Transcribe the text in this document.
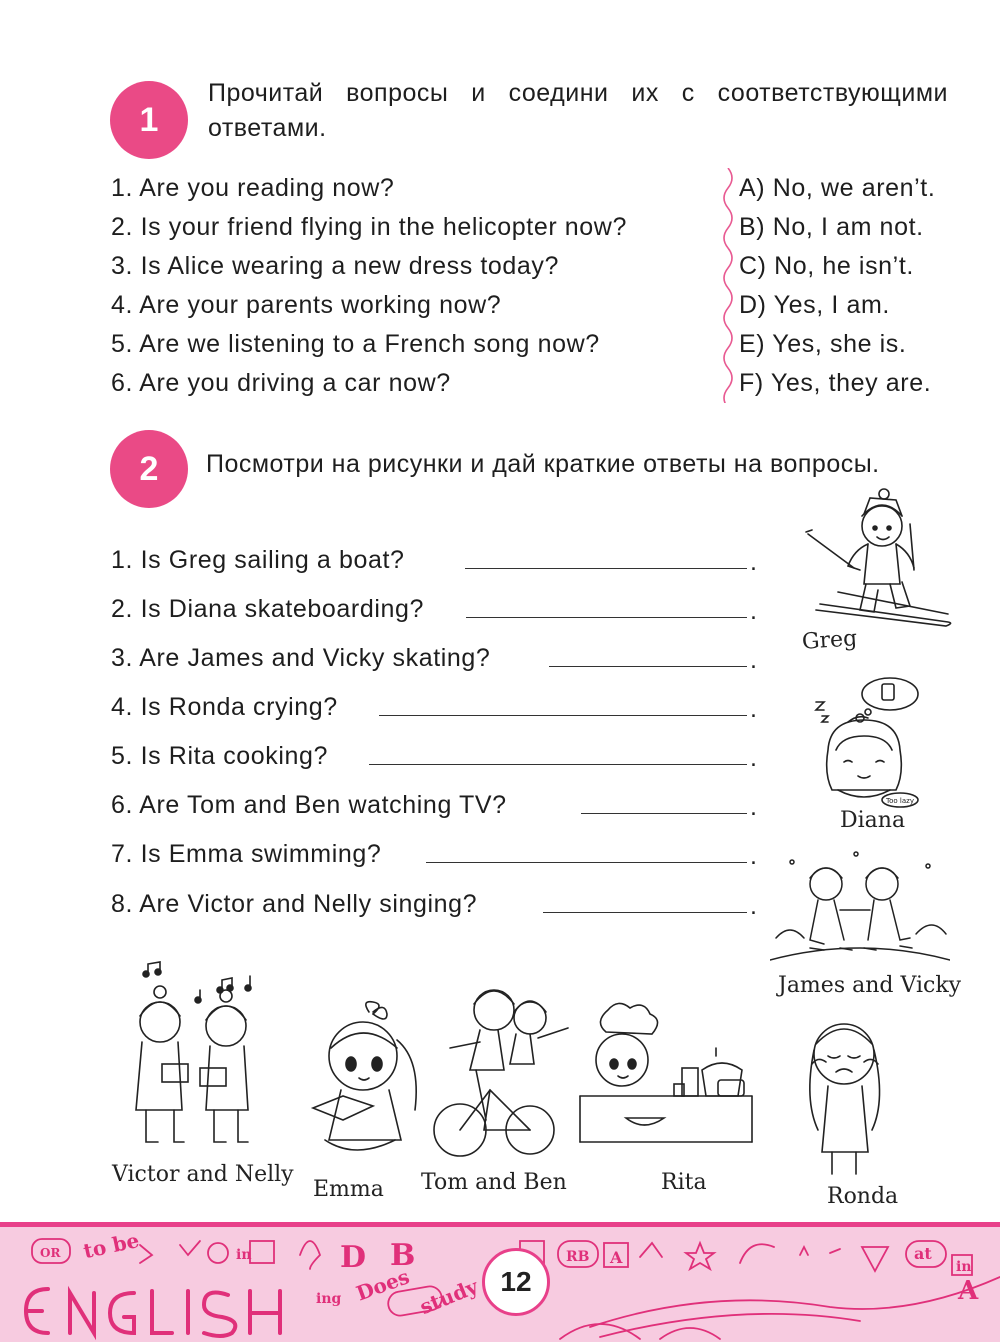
1
Прочитай вопросы и соедини их с соответствующими ответами.
1. Are you reading now?
2. Is your friend flying in the helicopter now?
3. Is Alice wearing a new dress today?
4. Are your parents working now?
5. Are we listening to a French song now?
6. Are you driving a car now?
A) No, we aren’t.
B) No, I am not.
C) No, he isn’t.
D) Yes, I am.
E) Yes, she is.
F) Yes, they are.
2	Посмотри на рисунки и дай краткие ответы на вопросы.
1. Is Greg sailing a boat?	.
2. Is Diana skateboarding?	.
3. Are James and Vicky skating?	.
4. Is Ronda crying?	.
5. Is Rita cooking?	.
6. Are Tom and Ben watching TV?	.
7. Is Emma swimming?	.
8. Are Victor and Nelly singing?	.
Greg
Too lazy
Diana
James and Vicky
Ronda
Victor and Nelly
Emma Tom and Ben	Rita
OR to be	in	D B
Does
ing	study
RB A	at
in
A
ENGLISH
12
